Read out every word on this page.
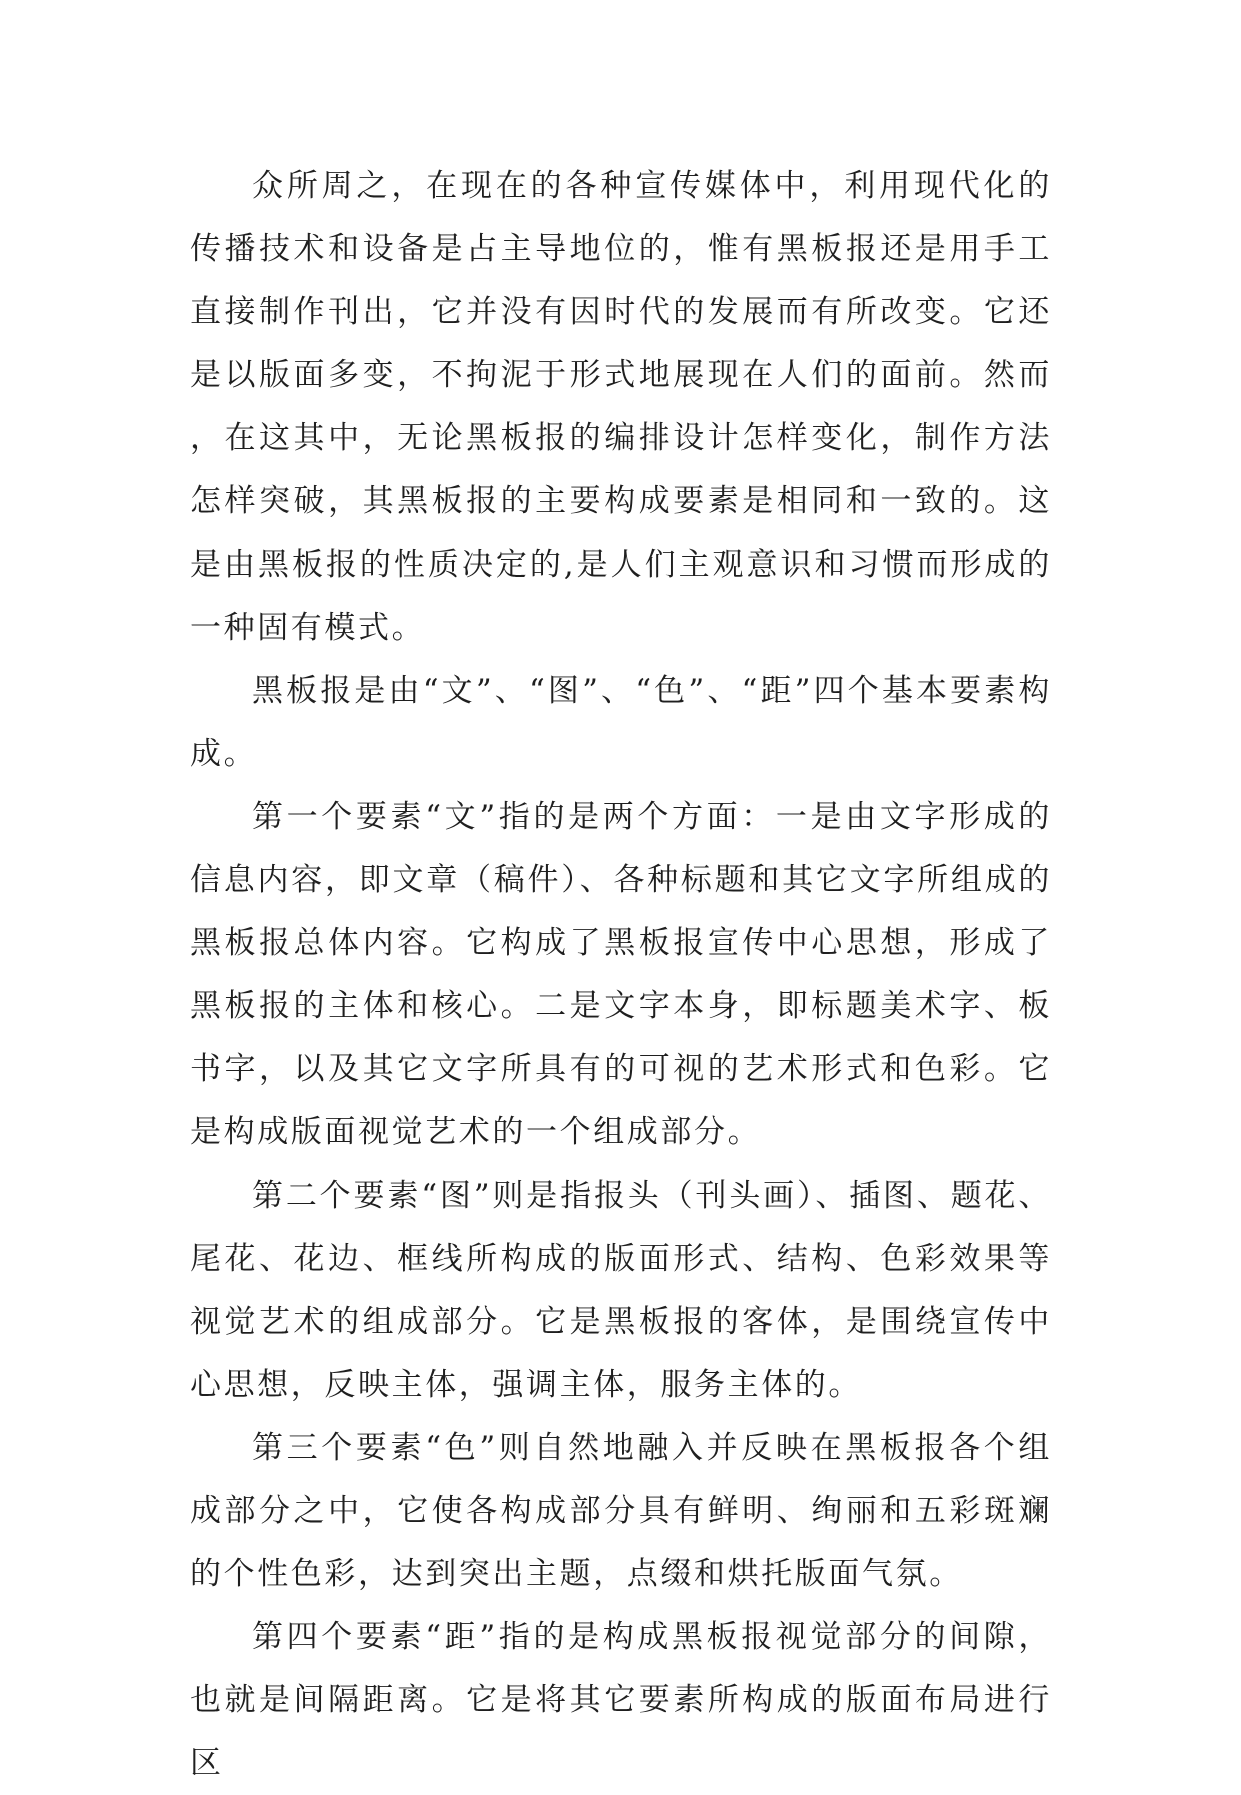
众所周之，在现在的各种宣传媒体中，利用现代化的传播技术和设备是占主导地位的，惟有黑板报还是用手工直接制作刊出，它并没有因时代的发展而有所改变。它还是以版面多变，不拘泥于形式地展现在人们的面前。然而，在这其中，无论黑板报的编排设计怎样变化，制作方法怎样突破，其黑板报的主要构成要素是相同和一致的。这是由黑板报的性质决定的,是人们主观意识和习惯而形成的一种固有模式。

黑板报是由“文”、“图”、“色”、“距”四个基本要素构成。

第一个要素“文”指的是两个方面：一是由文字形成的信息内容，即文章（稿件）、各种标题和其它文字所组成的黑板报总体内容。它构成了黑板报宣传中心思想，形成了黑板报的主体和核心。二是文字本身，即标题美术字、板书字，以及其它文字所具有的可视的艺术形式和色彩。它是构成版面视觉艺术的一个组成部分。

第二个要素“图”则是指报头（刊头画）、插图、题花、尾花、花边、框线所构成的版面形式、结构、色彩效果等视觉艺术的组成部分。它是黑板报的客体，是围绕宣传中心思想，反映主体，强调主体，服务主体的。

第三个要素“色”则自然地融入并反映在黑板报各个组成部分之中，它使各构成部分具有鲜明、绚丽和五彩斑斓的个性色彩，达到突出主题，点缀和烘托版面气氛。

第四个要素“距”指的是构成黑板报视觉部分的间隙，也就是间隔距离。它是将其它要素所构成的版面布局进行区
